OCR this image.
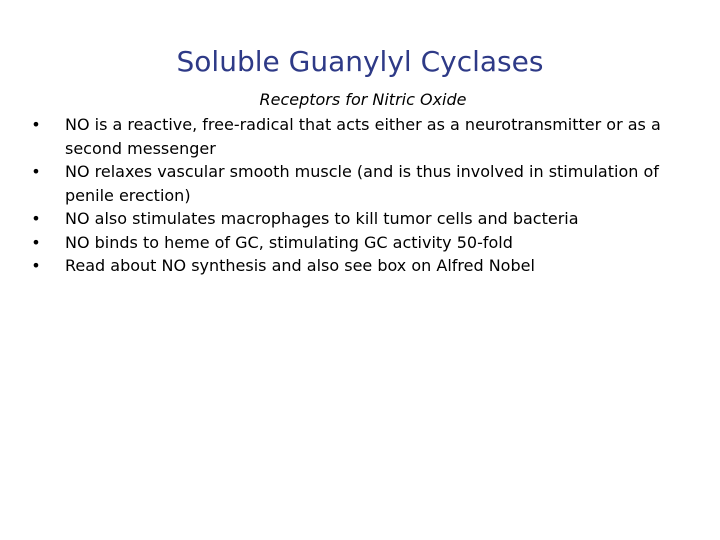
Soluble Guanylyl Cyclases
Receptors for Nitric Oxide
• NO is a reactive, free-radical that acts either as a neurotransmitter or as a second messenger
• NO relaxes vascular smooth muscle (and is thus involved in stimulation of penile erection)
• NO also stimulates macrophages to kill tumor cells and bacteria
• NO binds to heme of GC, stimulating GC activity 50-fold
• Read about NO synthesis and also see box on Alfred Nobel
